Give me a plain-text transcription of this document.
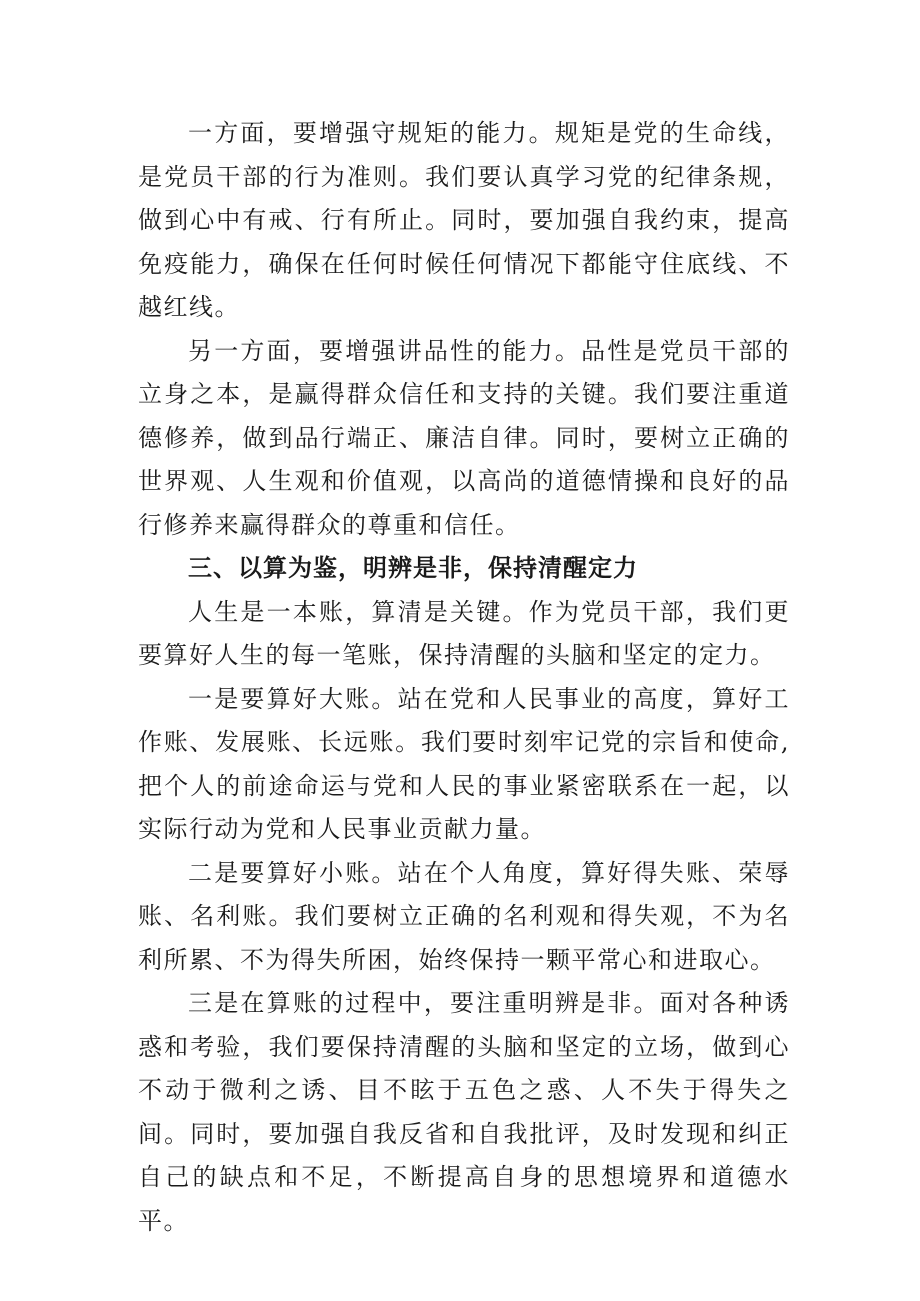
一方面，要增强守规矩的能力。规矩是党的生命线，是党员干部的行为准则。我们要认真学习党的纪律条规，做到心中有戒、行有所止。同时，要加强自我约束，提高免疫能力，确保在任何时候任何情况下都能守住底线、不越红线。

另一方面，要增强讲品性的能力。品性是党员干部的立身之本，是赢得群众信任和支持的关键。我们要注重道德修养，做到品行端正、廉洁自律。同时，要树立正确的世界观、人生观和价值观，以高尚的道德情操和良好的品行修养来赢得群众的尊重和信任。

三、以算为鉴，明辨是非，保持清醒定力

人生是一本账，算清是关键。作为党员干部，我们更要算好人生的每一笔账，保持清醒的头脑和坚定的定力。

一是要算好大账。站在党和人民事业的高度，算好工作账、发展账、长远账。我们要时刻牢记党的宗旨和使命,把个人的前途命运与党和人民的事业紧密联系在一起，以实际行动为党和人民事业贡献力量。

二是要算好小账。站在个人角度，算好得失账、荣辱账、名利账。我们要树立正确的名利观和得失观，不为名利所累、不为得失所困，始终保持一颗平常心和进取心。

三是在算账的过程中，要注重明辨是非。面对各种诱惑和考验，我们要保持清醒的头脑和坚定的立场，做到心不动于微利之诱、目不眩于五色之惑、人不失于得失之间。同时，要加强自我反省和自我批评，及时发现和纠正自己的缺点和不足，不断提高自身的思想境界和道德水平。
